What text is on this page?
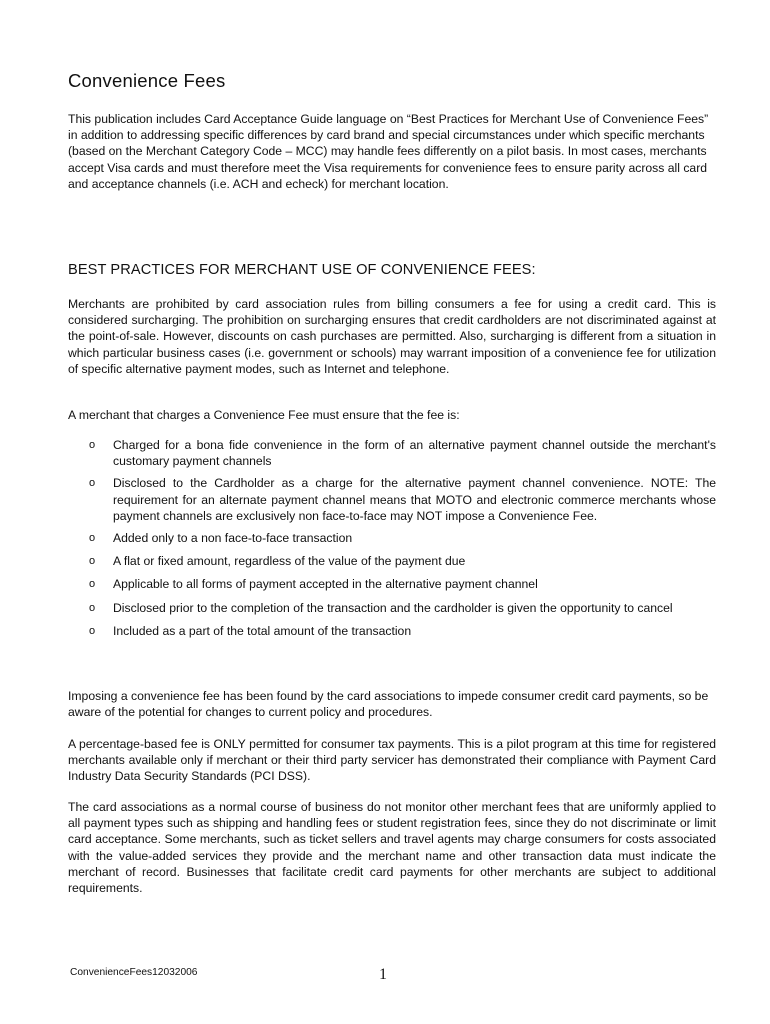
Convenience Fees

This publication includes Card Acceptance Guide language on “Best Practices for Merchant Use of Convenience Fees” in addition to addressing specific differences by card brand and special circumstances under which specific merchants (based on the Merchant Category Code – MCC) may handle fees differently on a pilot basis. In most cases, merchants accept Visa cards and must therefore meet the Visa requirements for convenience fees to ensure parity across all card and acceptance channels (i.e. ACH and echeck) for merchant location.

BEST PRACTICES FOR MERCHANT USE OF CONVENIENCE FEES:

Merchants are prohibited by card association rules from billing consumers a fee for using a credit card. This is considered surcharging. The prohibition on surcharging ensures that credit cardholders are not discriminated against at the point-of-sale. However, discounts on cash purchases are permitted. Also, surcharging is different from a situation in which particular business cases (i.e. government or schools) may warrant imposition of a convenience fee for utilization of specific alternative payment modes, such as Internet and telephone.

A merchant that charges a Convenience Fee must ensure that the fee is:

o Charged for a bona fide convenience in the form of an alternative payment channel outside the merchant's customary payment channels
o Disclosed to the Cardholder as a charge for the alternative payment channel convenience. NOTE: The requirement for an alternate payment channel means that MOTO and electronic commerce merchants whose payment channels are exclusively non face-to-face may NOT impose a Convenience Fee.
o Added only to a non face-to-face transaction
o A flat or fixed amount, regardless of the value of the payment due
o Applicable to all forms of payment accepted in the alternative payment channel
o Disclosed prior to the completion of the transaction and the cardholder is given the opportunity to cancel
o Included as a part of the total amount of the transaction

Imposing a convenience fee has been found by the card associations to impede consumer credit card payments, so be aware of the potential for changes to current policy and procedures.

A percentage-based fee is ONLY permitted for consumer tax payments. This is a pilot program at this time for registered merchants available only if merchant or their third party servicer has demonstrated their compliance with Payment Card Industry Data Security Standards (PCI DSS).

The card associations as a normal course of business do not monitor other merchant fees that are uniformly applied to all payment types such as shipping and handling fees or student registration fees, since they do not discriminate or limit card acceptance. Some merchants, such as ticket sellers and travel agents may charge consumers for costs associated with the value-added services they provide and the merchant name and other transaction data must indicate the merchant of record. Businesses that facilitate credit card payments for other merchants are subject to additional requirements.

ConvenienceFees12032006	1
